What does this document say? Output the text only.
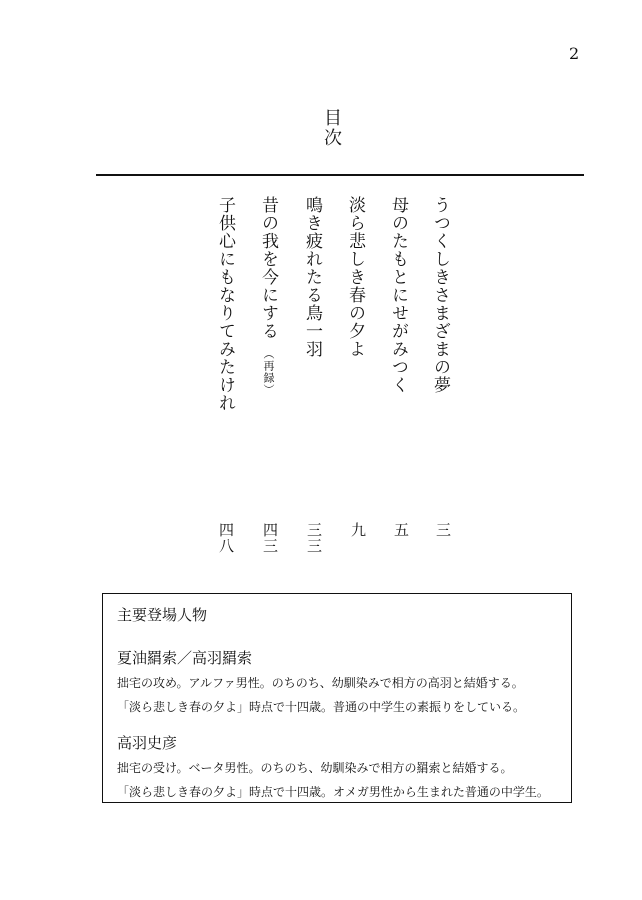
2
目次
うつくしきさまざまの夢
母のたもとにせがみつく
淡ら悲しき春の夕よ
鳴き疲れたる鳥一羽
昔の我を今にする（再録）
子供心にもなりてみたけれ
三
五
九
三三
四三
四八
主要登場人物
夏油羂索／高羽羂索
拙宅の攻め。アルファ男性。のちのち、幼馴染みで相方の高羽と結婚する。
「淡ら悲しき春の夕よ」時点で十四歳。普通の中学生の素振りをしている。
高羽史彦
拙宅の受け。ベータ男性。のちのち、幼馴染みで相方の羂索と結婚する。
「淡ら悲しき春の夕よ」時点で十四歳。オメガ男性から生まれた普通の中学生。
